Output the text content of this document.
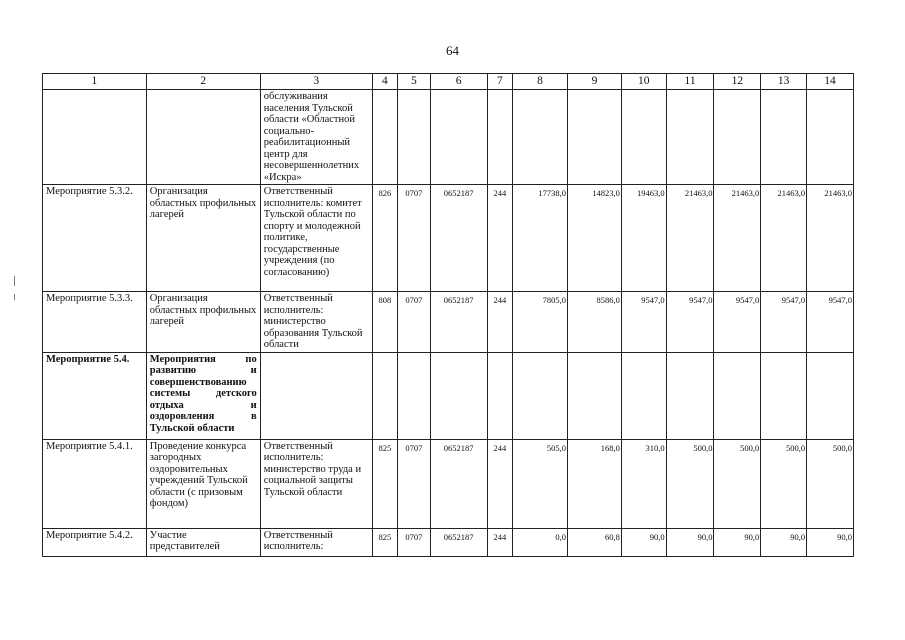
64
1	2	3	4	5	6	7	8	9	10	11	12	13	14
		обслуживания населения Тульской области «Областной социально-реабилитационный центр для несовершеннолетних «Искра»											
Мероприятие 5.3.2.	Организация областных профильных лагерей	Ответственный исполнитель: комитет Тульской области по спорту и молодежной политике, государственные учреждения (по согласованию)	826	0707	0652187	244	17738,0	14823,0	19463,0	21463,0	21463,0	21463,0	21463,0
Мероприятие 5.3.3.	Организация областных профильных лагерей	Ответственный исполнитель: министерство образования Тульской области	808	0707	0652187	244	7805,0	8586,0	9547,0	9547,0	9547,0	9547,0	9547,0
Мероприятие 5.4.	Мероприятия по развитию и совершенствованию системы детского отдыха и оздоровления в Тульской области												
Мероприятие 5.4.1.	Проведение конкурса загородных оздоровительных учреждений Тульской области (с призовым фондом)	Ответственный исполнитель: министерство труда и социальной защиты Тульской области	825	0707	0652187	244	505,0	168,0	310,0	500,0	500,0	500,0	500,0
Мероприятие 5.4.2.	Участие представителей	Ответственный исполнитель:	825	0707	0652187	244	0,0	60,8	90,0	90,0	90,0	90,0	90,0
